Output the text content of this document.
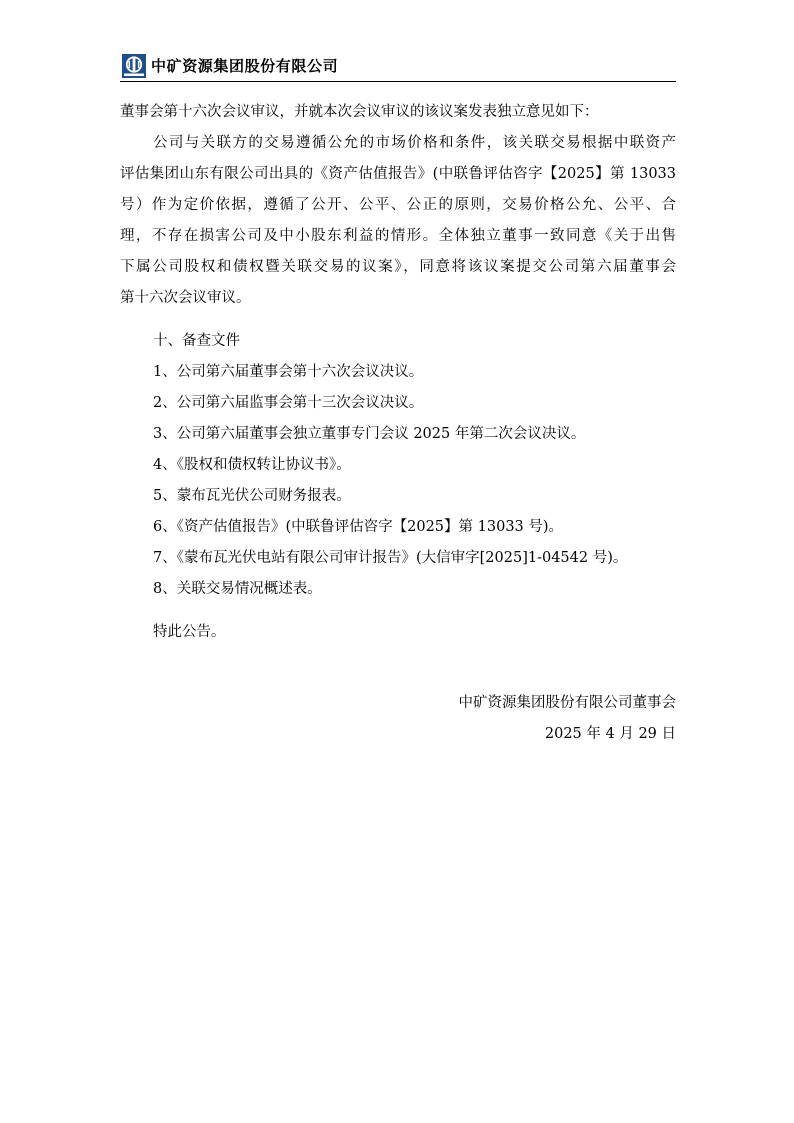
中矿资源集团股份有限公司
董事会第十六次会议审议，并就本次会议审议的该议案发表独立意见如下：
公司与关联方的交易遵循公允的市场价格和条件，该关联交易根据中联资产
评估集团山东有限公司出具的《资产估值报告》(中联鲁评估咨字【2025】第 13033
号）作为定价依据，遵循了公开、公平、公正的原则，交易价格公允、公平、合
理，不存在损害公司及中小股东利益的情形。全体独立董事一致同意《关于出售
下属公司股权和债权暨关联交易的议案》，同意将该议案提交公司第六届董事会
第十六次会议审议。
十、备查文件
1、公司第六届董事会第十六次会议决议。
2、公司第六届监事会第十三次会议决议。
3、公司第六届董事会独立董事专门会议 2025 年第二次会议决议。
4、《股权和债权转让协议书》。
5、蒙布瓦光伏公司财务报表。
6、《资产估值报告》(中联鲁评估咨字【2025】第 13033 号)。
7、《蒙布瓦光伏电站有限公司审计报告》(大信审字[2025]1-04542 号)。
8、关联交易情况概述表。
特此公告。
中矿资源集团股份有限公司董事会
2025 年 4 月 29 日
